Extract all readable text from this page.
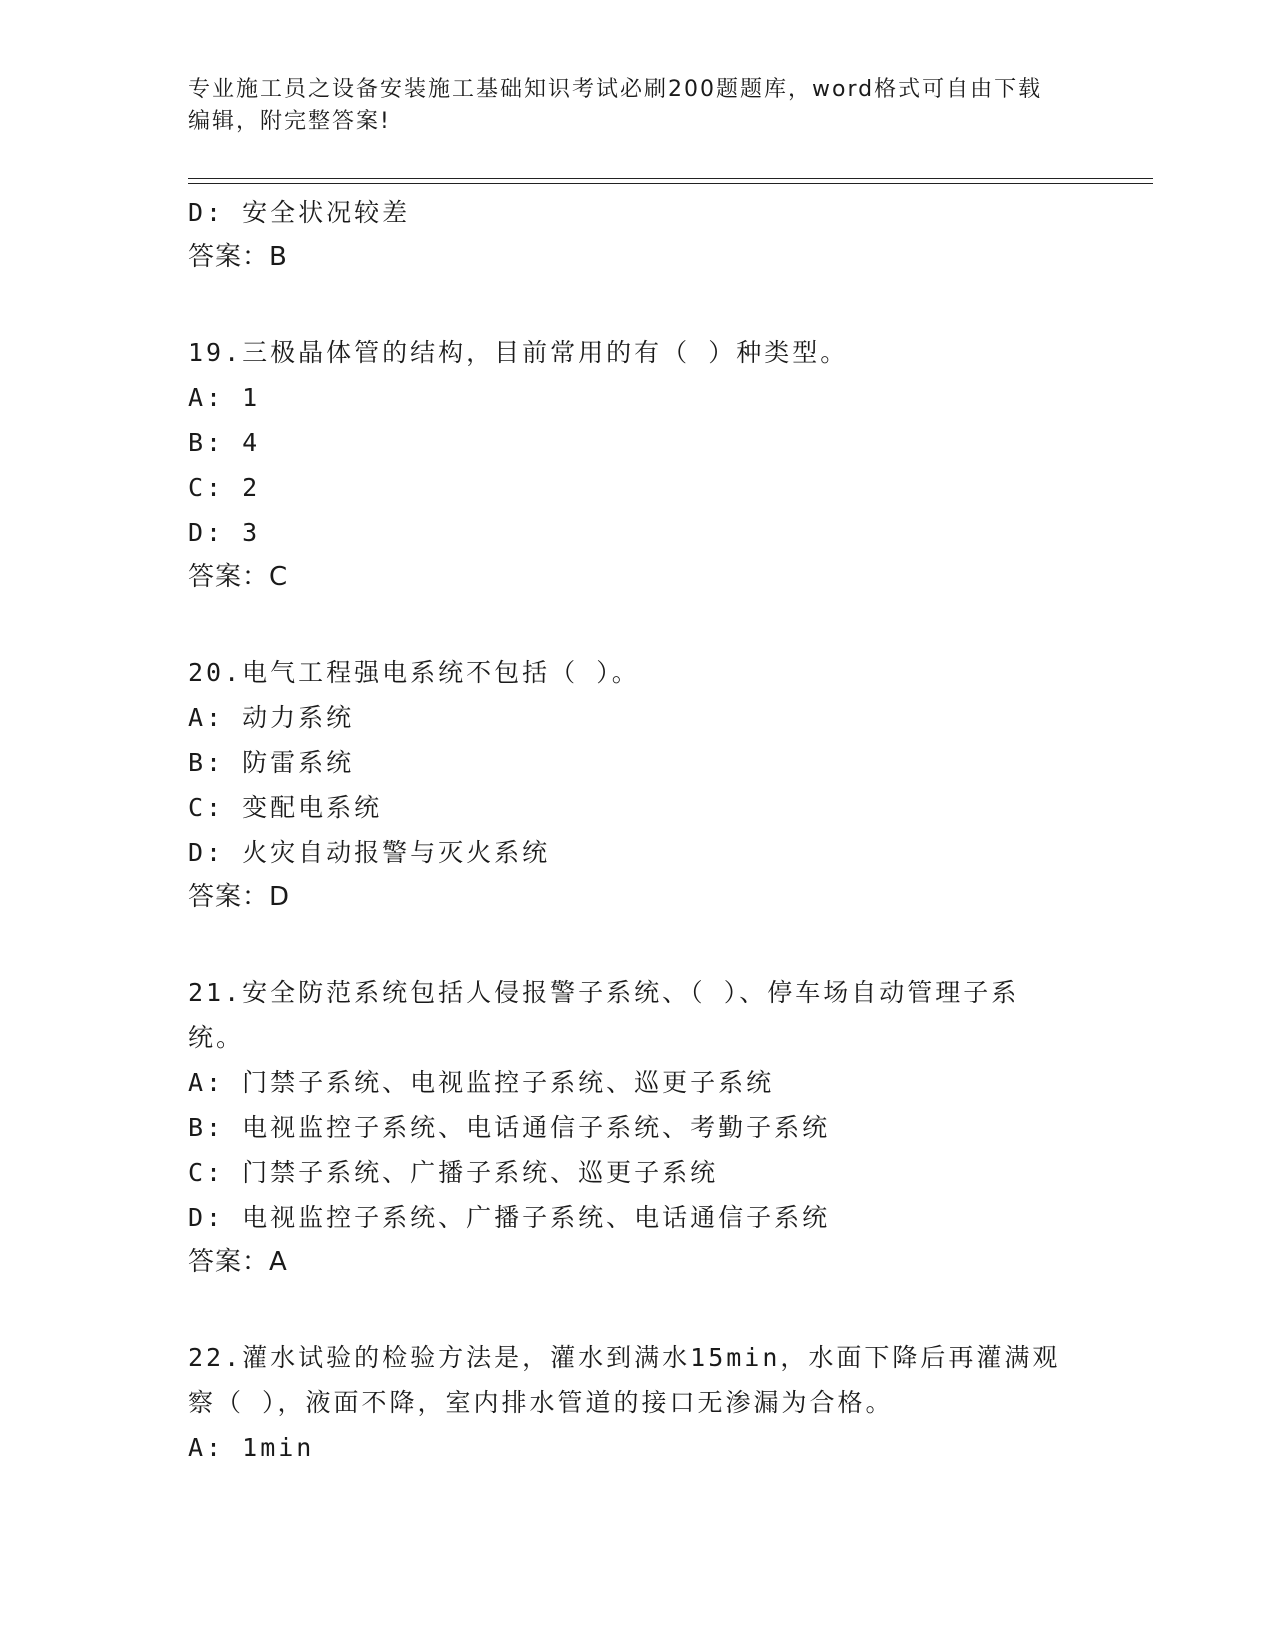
专业施工员之设备安装施工基础知识考试必刷200题题库，word格式可自由下载
编辑，附完整答案!
D: 安全状况较差
答案：B
19.三极晶体管的结构，目前常用的有（ ）种类型。
A: 1
B: 4
C: 2
D: 3
答案：C
20.电气工程强电系统不包括（ ）。
A: 动力系统
B: 防雷系统
C: 变配电系统
D: 火灾自动报警与灭火系统
答案：D
21.安全防范系统包括人侵报警子系统、（ ）、停车场自动管理子系
统。
A: 门禁子系统、电视监控子系统、巡更子系统
B: 电视监控子系统、电话通信子系统、考勤子系统
C: 门禁子系统、广播子系统、巡更子系统
D: 电视监控子系统、广播子系统、电话通信子系统
答案：A
22.灌水试验的检验方法是，灌水到满水15min，水面下降后再灌满观
察（ ），液面不降，室内排水管道的接口无渗漏为合格。
A: 1min
